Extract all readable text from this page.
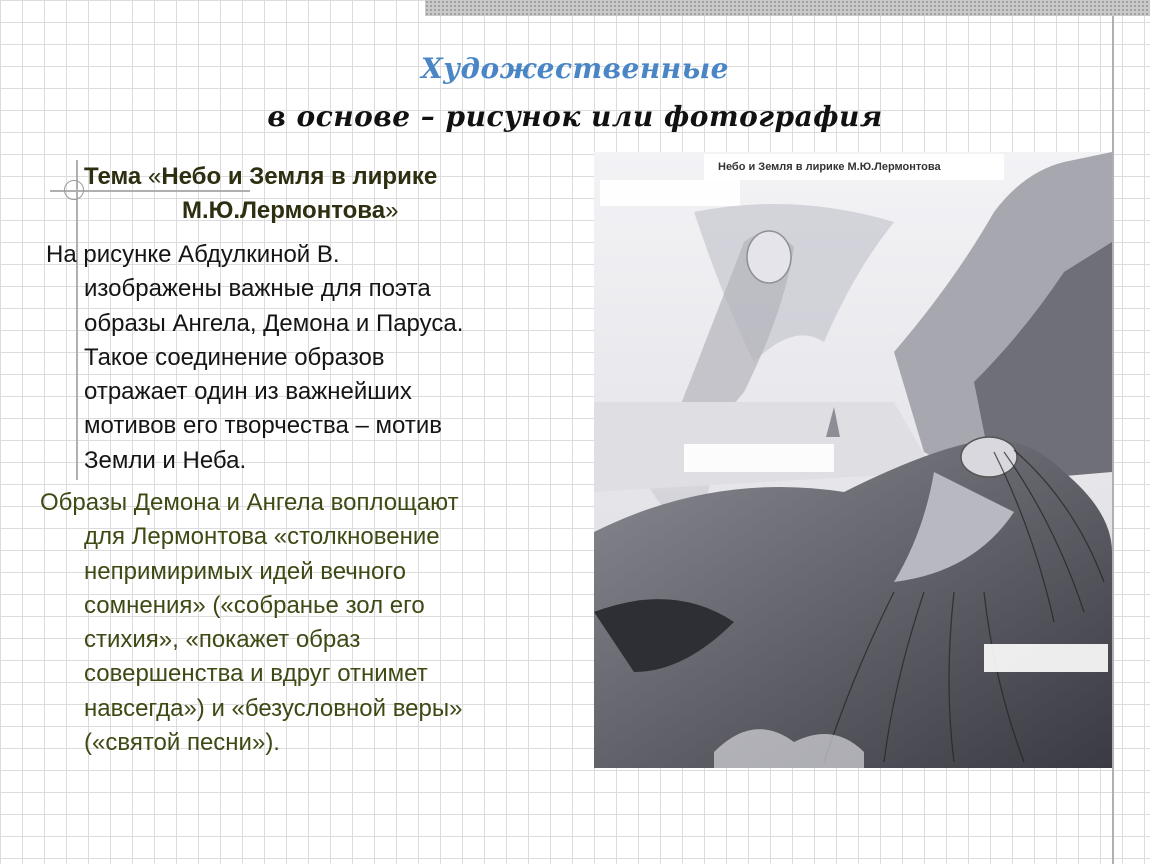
Художественные
в основе – рисунок или фотография
Тема «Небо и Земля в лирике
М.Ю.Лермонтова»
На рисунке Абдулкиной В.
изображены важные для поэта
образы Ангела, Демона и Паруса.
Такое соединение образов
отражает один из важнейших
мотивов его творчества – мотив
Земли и Неба.
Образы Демона и Ангела воплощают
для Лермонтова «столкновение
непримиримых идей вечного
сомнения» («собранье зол его
стихия», «покажет образ
совершенства и вдруг отнимет
навсегда») и «безусловной веры»
(«святой песни»).
Небо и Земля в лирике М.Ю.Лермонтова
